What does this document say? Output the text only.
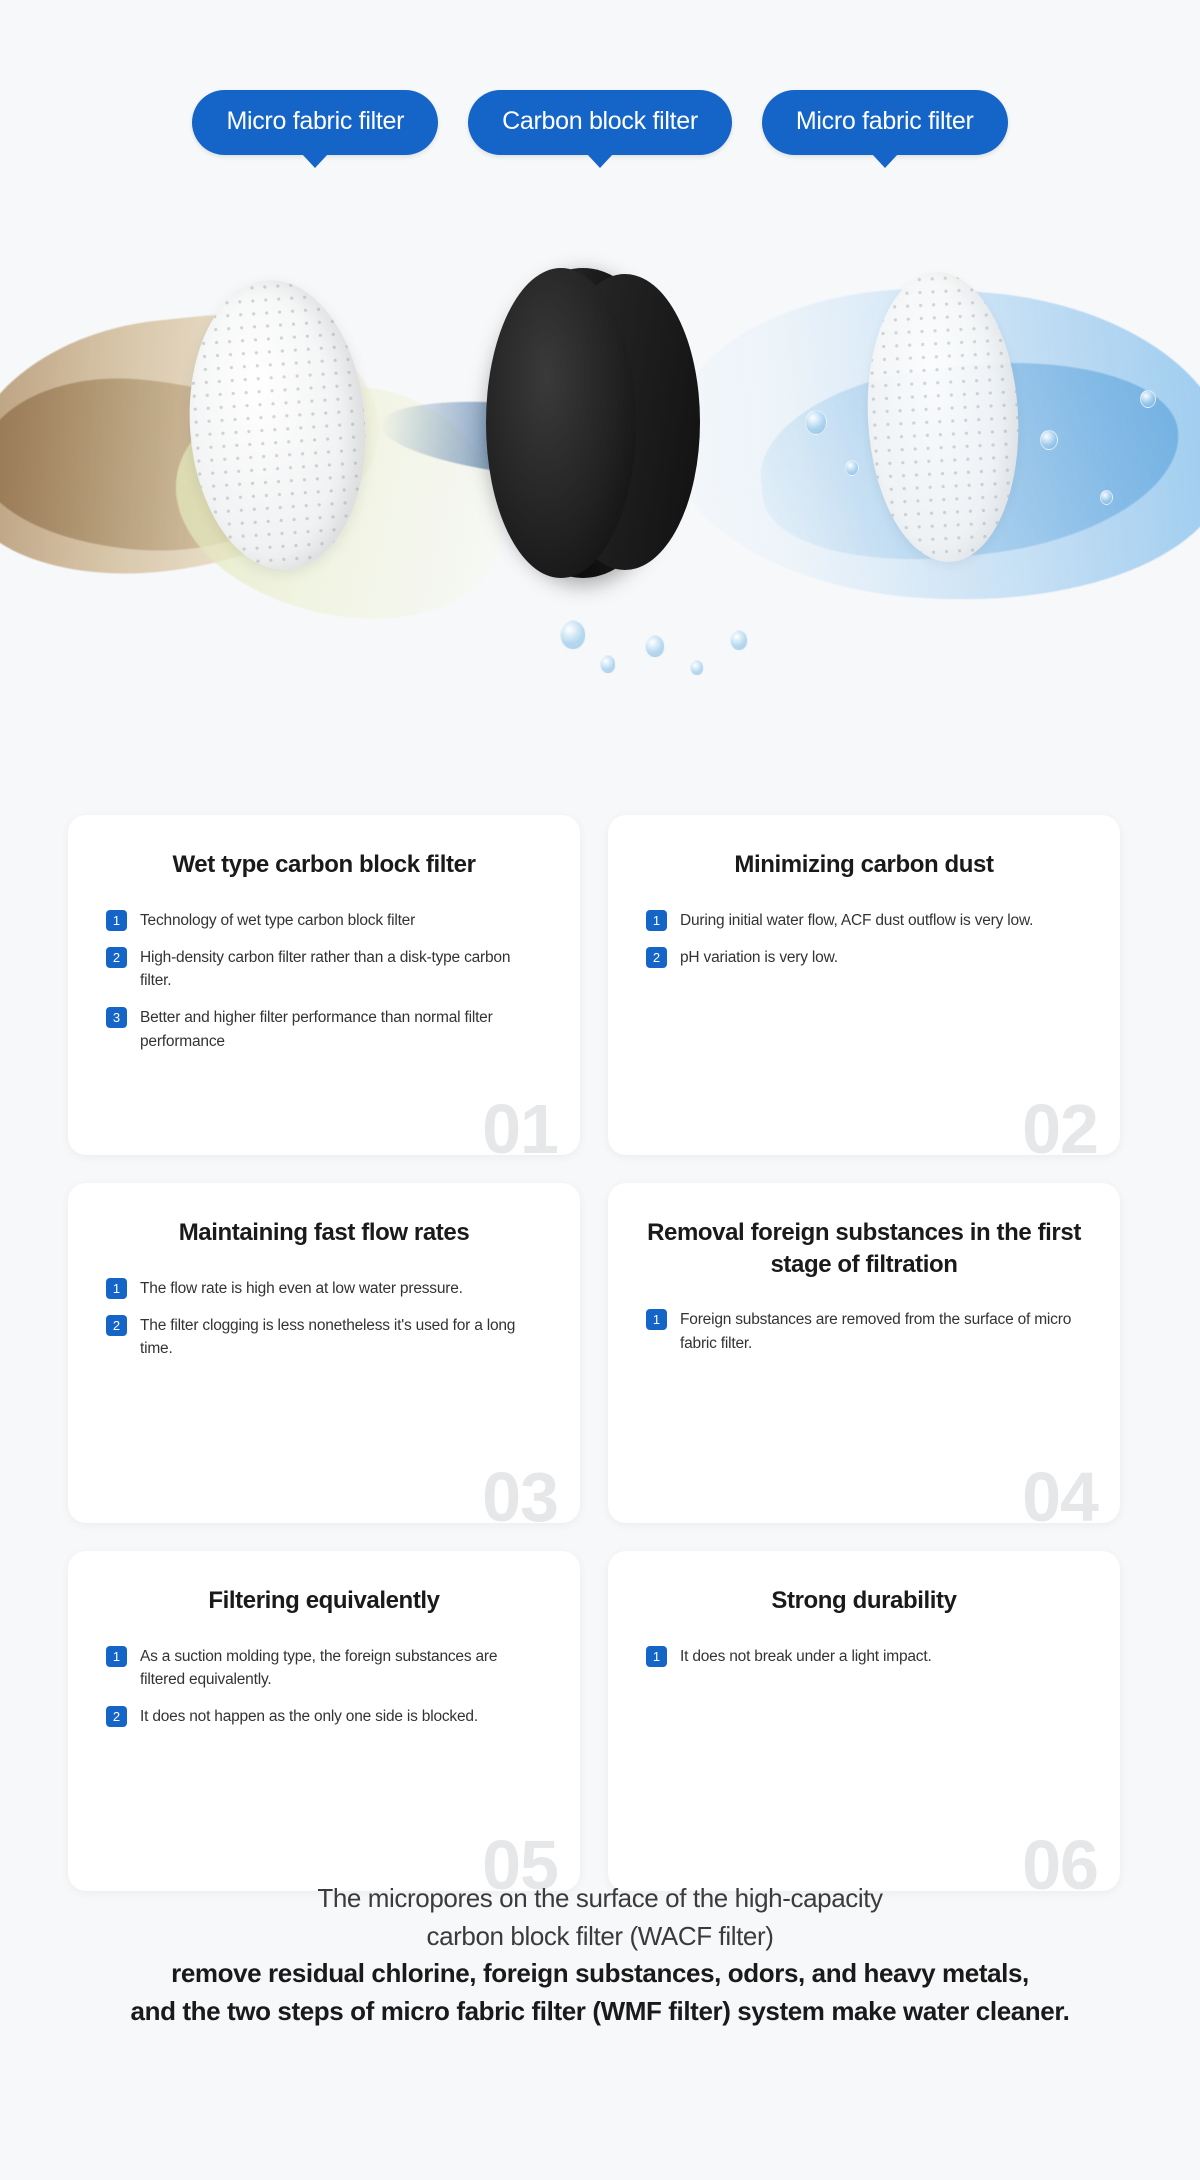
Micro fabric filter	Carbon block filter	Micro fabric filter
Wet type carbon block filter
1	Technology of wet type carbon block filter
2	High-density carbon filter rather than a disk-type carbon filter.
3	Better and higher filter performance than normal filter performance
01
Minimizing carbon dust
1	During initial water flow, ACF dust outflow is very low.
2	pH variation is very low.
02
Maintaining fast flow rates
1	The flow rate is high even at low water pressure.
2	The filter clogging is less nonetheless it's used for a long time.
03
Removal foreign substances in the first stage of filtration
1	Foreign substances are removed from the surface of micro fabric filter.
04
Filtering equivalently
1	As a suction molding type, the foreign substances are filtered equivalently.
2	It does not happen as the only one side is blocked.
05
Strong durability
1	It does not break under a light impact.
06
The micropores on the surface of the high-capacity
carbon block filter (WACF filter)
remove residual chlorine, foreign substances, odors, and heavy metals,
and the two steps of micro fabric filter (WMF filter) system make water cleaner.
